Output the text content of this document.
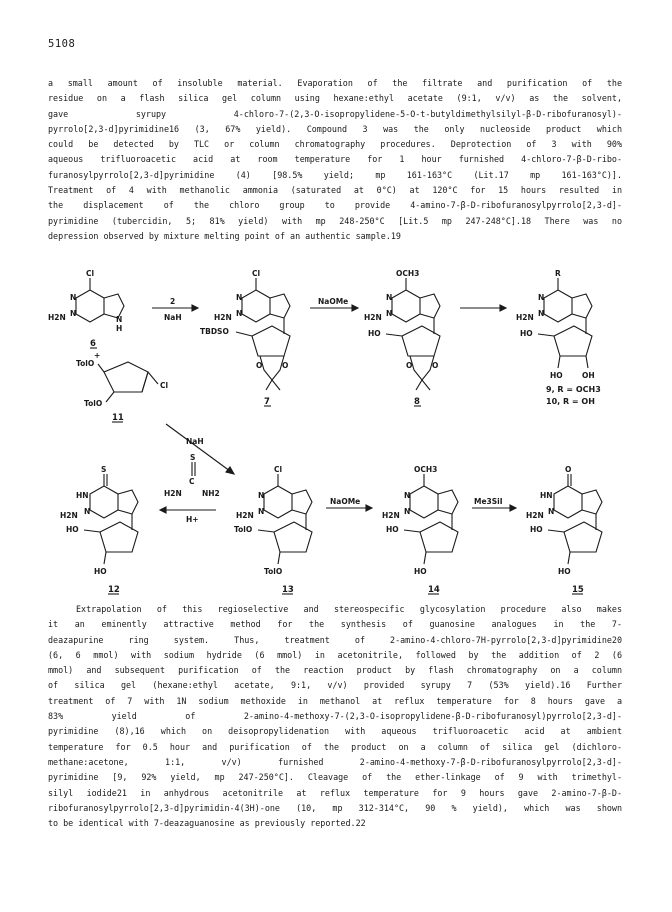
5108
a small amount of insoluble material. Evaporation of the filtrate and purification of the
residue on a flash silica gel column using hexane:ethyl acetate (9:1, v/v) as the solvent,
gave syrupy 4-chloro-7-(2,3-O-isopropylidene-5-O-t-butyldimethylsilyl-β-D-ribofuranosyl)-
pyrrolo[2,3-d]pyrimidine16 (3, 67% yield). Compound 3 was the only nucleoside product which
could be detected by TLC or column chromatography procedures. Deprotection of 3 with 90%
aqueous trifluoroacetic acid at room temperature for 1 hour furnished 4-chloro-7-β-D-ribo-
furanosylpyrrolo[2,3-d]pyrimidine (4) [98.5% yield; mp 161-163°C (Lit.17 mp 161-163°C)].
Treatment of 4 with methanolic ammonia (saturated at 0°C) at 120°C for 15 hours resulted in
the displacement of the chloro group to provide 4-amino-7-β-D-ribofuranosylpyrrolo[2,3-d]-
pyrimidine (tubercidin, 5; 81% yield) with mp 248-250°C [Lit.5 mp 247-248°C].18 There was no
depression observed by mixture melting point of an authentic sample.19
Cl
N
N
N
H
H2N
6
+
2
NaH
Cl
TolO
TolO
11
Cl
N
N
H2N
TBDSO
O	O
7
NaOMe
OCH3
N
N
H2N
HO
O	O
8
R
N
N
H2N
HO
HO	OH
9, R = OCH3
10, R = OH
NaH
S
HN
N
H2N
HO
HO
12
S
C
H2N	NH2
H+
Cl
N
N
H2N
TolO
TolO
13
NaOMe
OCH3
N
N
H2N
HO
HO
14
Me3SiI
O
HN
N
H2N
HO
HO
15
Extrapolation of this regioselective and stereospecific glycosylation procedure also makes
it an eminently attractive method for the synthesis of guanosine analogues in the 7-
deazapurine ring system. Thus, treatment of 2-amino-4-chloro-7H-pyrrolo[2,3-d]pyrimidine20
(6, 6 mmol) with sodium hydride (6 mmol) in acetonitrile, followed by the addition of 2 (6
mmol) and subsequent purification of the reaction product by flash chromatography on a column
of silica gel (hexane:ethyl acetate, 9:1, v/v) provided syrupy 7 (53% yield).16 Further
treatment of 7 with 1N sodium methoxide in methanol at reflux temperature for 8 hours gave a
83% yield of 2-amino-4-methoxy-7-(2,3-O-isopropylidene-β-D-ribofuranosyl)pyrrolo[2,3-d]-
pyrimidine (8),16 which on deisopropylidenation with aqueous trifluoroacetic acid at ambient
temperature for 0.5 hour and purification of the product on a column of silica gel (dichloro-
methane:acetone, 1:1, v/v) furnished 2-amino-4-methoxy-7-β-D-ribofuranosylpyrrolo[2,3-d]-
pyrimidine [9, 92% yield, mp 247-250°C]. Cleavage of the ether-linkage of 9 with trimethyl-
silyl iodide21 in anhydrous acetonitrile at reflux temperature for 9 hours gave 2-amino-7-β-D-
ribofuranosylpyrrolo[2,3-d]pyrimidin-4(3H)-one (10, mp 312-314°C, 90 % yield), which was shown
to be identical with 7-deazaguanosine as previously reported.22
